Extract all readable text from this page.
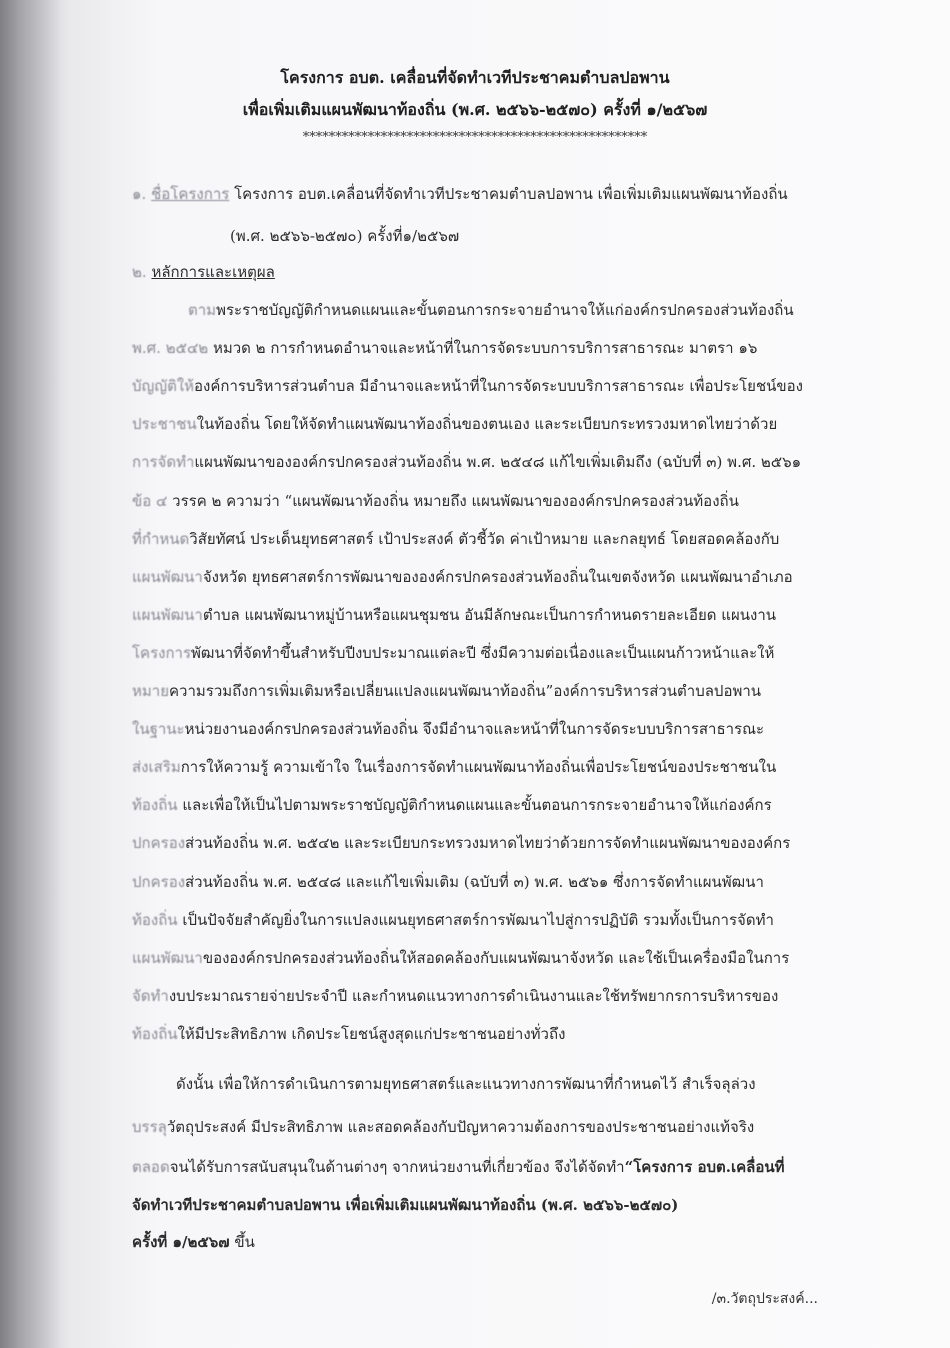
โครงการ อบต. เคลื่อนที่จัดทำเวทีประชาคมตำบลปอพาน
เพื่อเพิ่มเติมแผนพัฒนาท้องถิ่น (พ.ศ. ๒๕๖๖-๒๕๗๐) ครั้งที่ ๑/๒๕๖๗
*****************************************************
๑. ชื่อโครงการ โครงการ อบต.เคลื่อนที่จัดทำเวทีประชาคมตำบลปอพาน เพื่อเพิ่มเติมแผนพัฒนาท้องถิ่น
(พ.ศ. ๒๕๖๖-๒๕๗๐) ครั้งที่๑/๒๕๖๗
๒. หลักการและเหตุผล
ตามพระราชบัญญัติกำหนดแผนและขั้นตอนการกระจายอำนาจให้แก่องค์กรปกครองส่วนท้องถิ่น
พ.ศ. ๒๕๔๒ หมวด ๒ การกำหนดอำนาจและหน้าที่ในการจัดระบบการบริการสาธารณะ มาตรา ๑๖
บัญญัติให้องค์การบริหารส่วนตำบล มีอำนาจและหน้าที่ในการจัดระบบบริการสาธารณะ เพื่อประโยชน์ของ
ประชาชนในท้องถิ่น โดยให้จัดทำแผนพัฒนาท้องถิ่นของตนเอง และระเบียบกระทรวงมหาดไทยว่าด้วย
การจัดทำแผนพัฒนาขององค์กรปกครองส่วนท้องถิ่น พ.ศ. ๒๕๔๘ แก้ไขเพิ่มเติมถึง (ฉบับที่ ๓) พ.ศ. ๒๕๖๑
ข้อ ๔ วรรค ๒ ความว่า “แผนพัฒนาท้องถิ่น หมายถึง แผนพัฒนาขององค์กรปกครองส่วนท้องถิ่น
ที่กำหนดวิสัยทัศน์ ประเด็นยุทธศาสตร์ เป้าประสงค์ ตัวชี้วัด ค่าเป้าหมาย และกลยุทธ์ โดยสอดคล้องกับ
แผนพัฒนาจังหวัด ยุทธศาสตร์การพัฒนาขององค์กรปกครองส่วนท้องถิ่นในเขตจังหวัด แผนพัฒนาอำเภอ
แผนพัฒนาตำบล แผนพัฒนาหมู่บ้านหรือแผนชุมชน อันมีลักษณะเป็นการกำหนดรายละเอียด แผนงาน
โครงการพัฒนาที่จัดทำขึ้นสำหรับปีงบประมาณแต่ละปี ซึ่งมีความต่อเนื่องและเป็นแผนก้าวหน้าและให้
หมายความรวมถึงการเพิ่มเติมหรือเปลี่ยนแปลงแผนพัฒนาท้องถิ่น”องค์การบริหารส่วนตำบลปอพาน
ในฐานะหน่วยงานองค์กรปกครองส่วนท้องถิ่น จึงมีอำนาจและหน้าที่ในการจัดระบบบริการสาธารณะ
ส่งเสริมการให้ความรู้ ความเข้าใจ ในเรื่องการจัดทำแผนพัฒนาท้องถิ่นเพื่อประโยชน์ของประชาชนใน
ท้องถิ่น และเพื่อให้เป็นไปตามพระราชบัญญัติกำหนดแผนและขั้นตอนการกระจายอำนาจให้แก่องค์กร
ปกครองส่วนท้องถิ่น พ.ศ. ๒๕๔๒ และระเบียบกระทรวงมหาดไทยว่าด้วยการจัดทำแผนพัฒนาขององค์กร
ปกครองส่วนท้องถิ่น พ.ศ. ๒๕๔๘ และแก้ไขเพิ่มเติม (ฉบับที่ ๓) พ.ศ. ๒๕๖๑ ซึ่งการจัดทำแผนพัฒนา
ท้องถิ่น เป็นปัจจัยสำคัญยิ่งในการแปลงแผนยุทธศาสตร์การพัฒนาไปสู่การปฏิบัติ รวมทั้งเป็นการจัดทำ
แผนพัฒนาขององค์กรปกครองส่วนท้องถิ่นให้สอดคล้องกับแผนพัฒนาจังหวัด และใช้เป็นเครื่องมือในการ
จัดทำงบประมาณรายจ่ายประจำปี และกำหนดแนวทางการดำเนินงานและใช้ทรัพยากรการบริหารของ
ท้องถิ่นให้มีประสิทธิภาพ เกิดประโยชน์สูงสุดแก่ประชาชนอย่างทั่วถึง
ดังนั้น เพื่อให้การดำเนินการตามยุทธศาสตร์และแนวทางการพัฒนาที่กำหนดไว้ สำเร็จลุล่วง
บรรลุวัตถุประสงค์ มีประสิทธิภาพ และสอดคล้องกับปัญหาความต้องการของประชาชนอย่างแท้จริง
ตลอดจนได้รับการสนับสนุนในด้านต่างๆ จากหน่วยงานที่เกี่ยวข้อง จึงได้จัดทำ“โครงการ อบต.เคลื่อนที่
จัดทำเวทีประชาคมตำบลปอพาน เพื่อเพิ่มเติมแผนพัฒนาท้องถิ่น (พ.ศ. ๒๕๖๖-๒๕๗๐)
ครั้งที่ ๑/๒๕๖๗ ขึ้น
/๓.วัตถุประสงค์...
